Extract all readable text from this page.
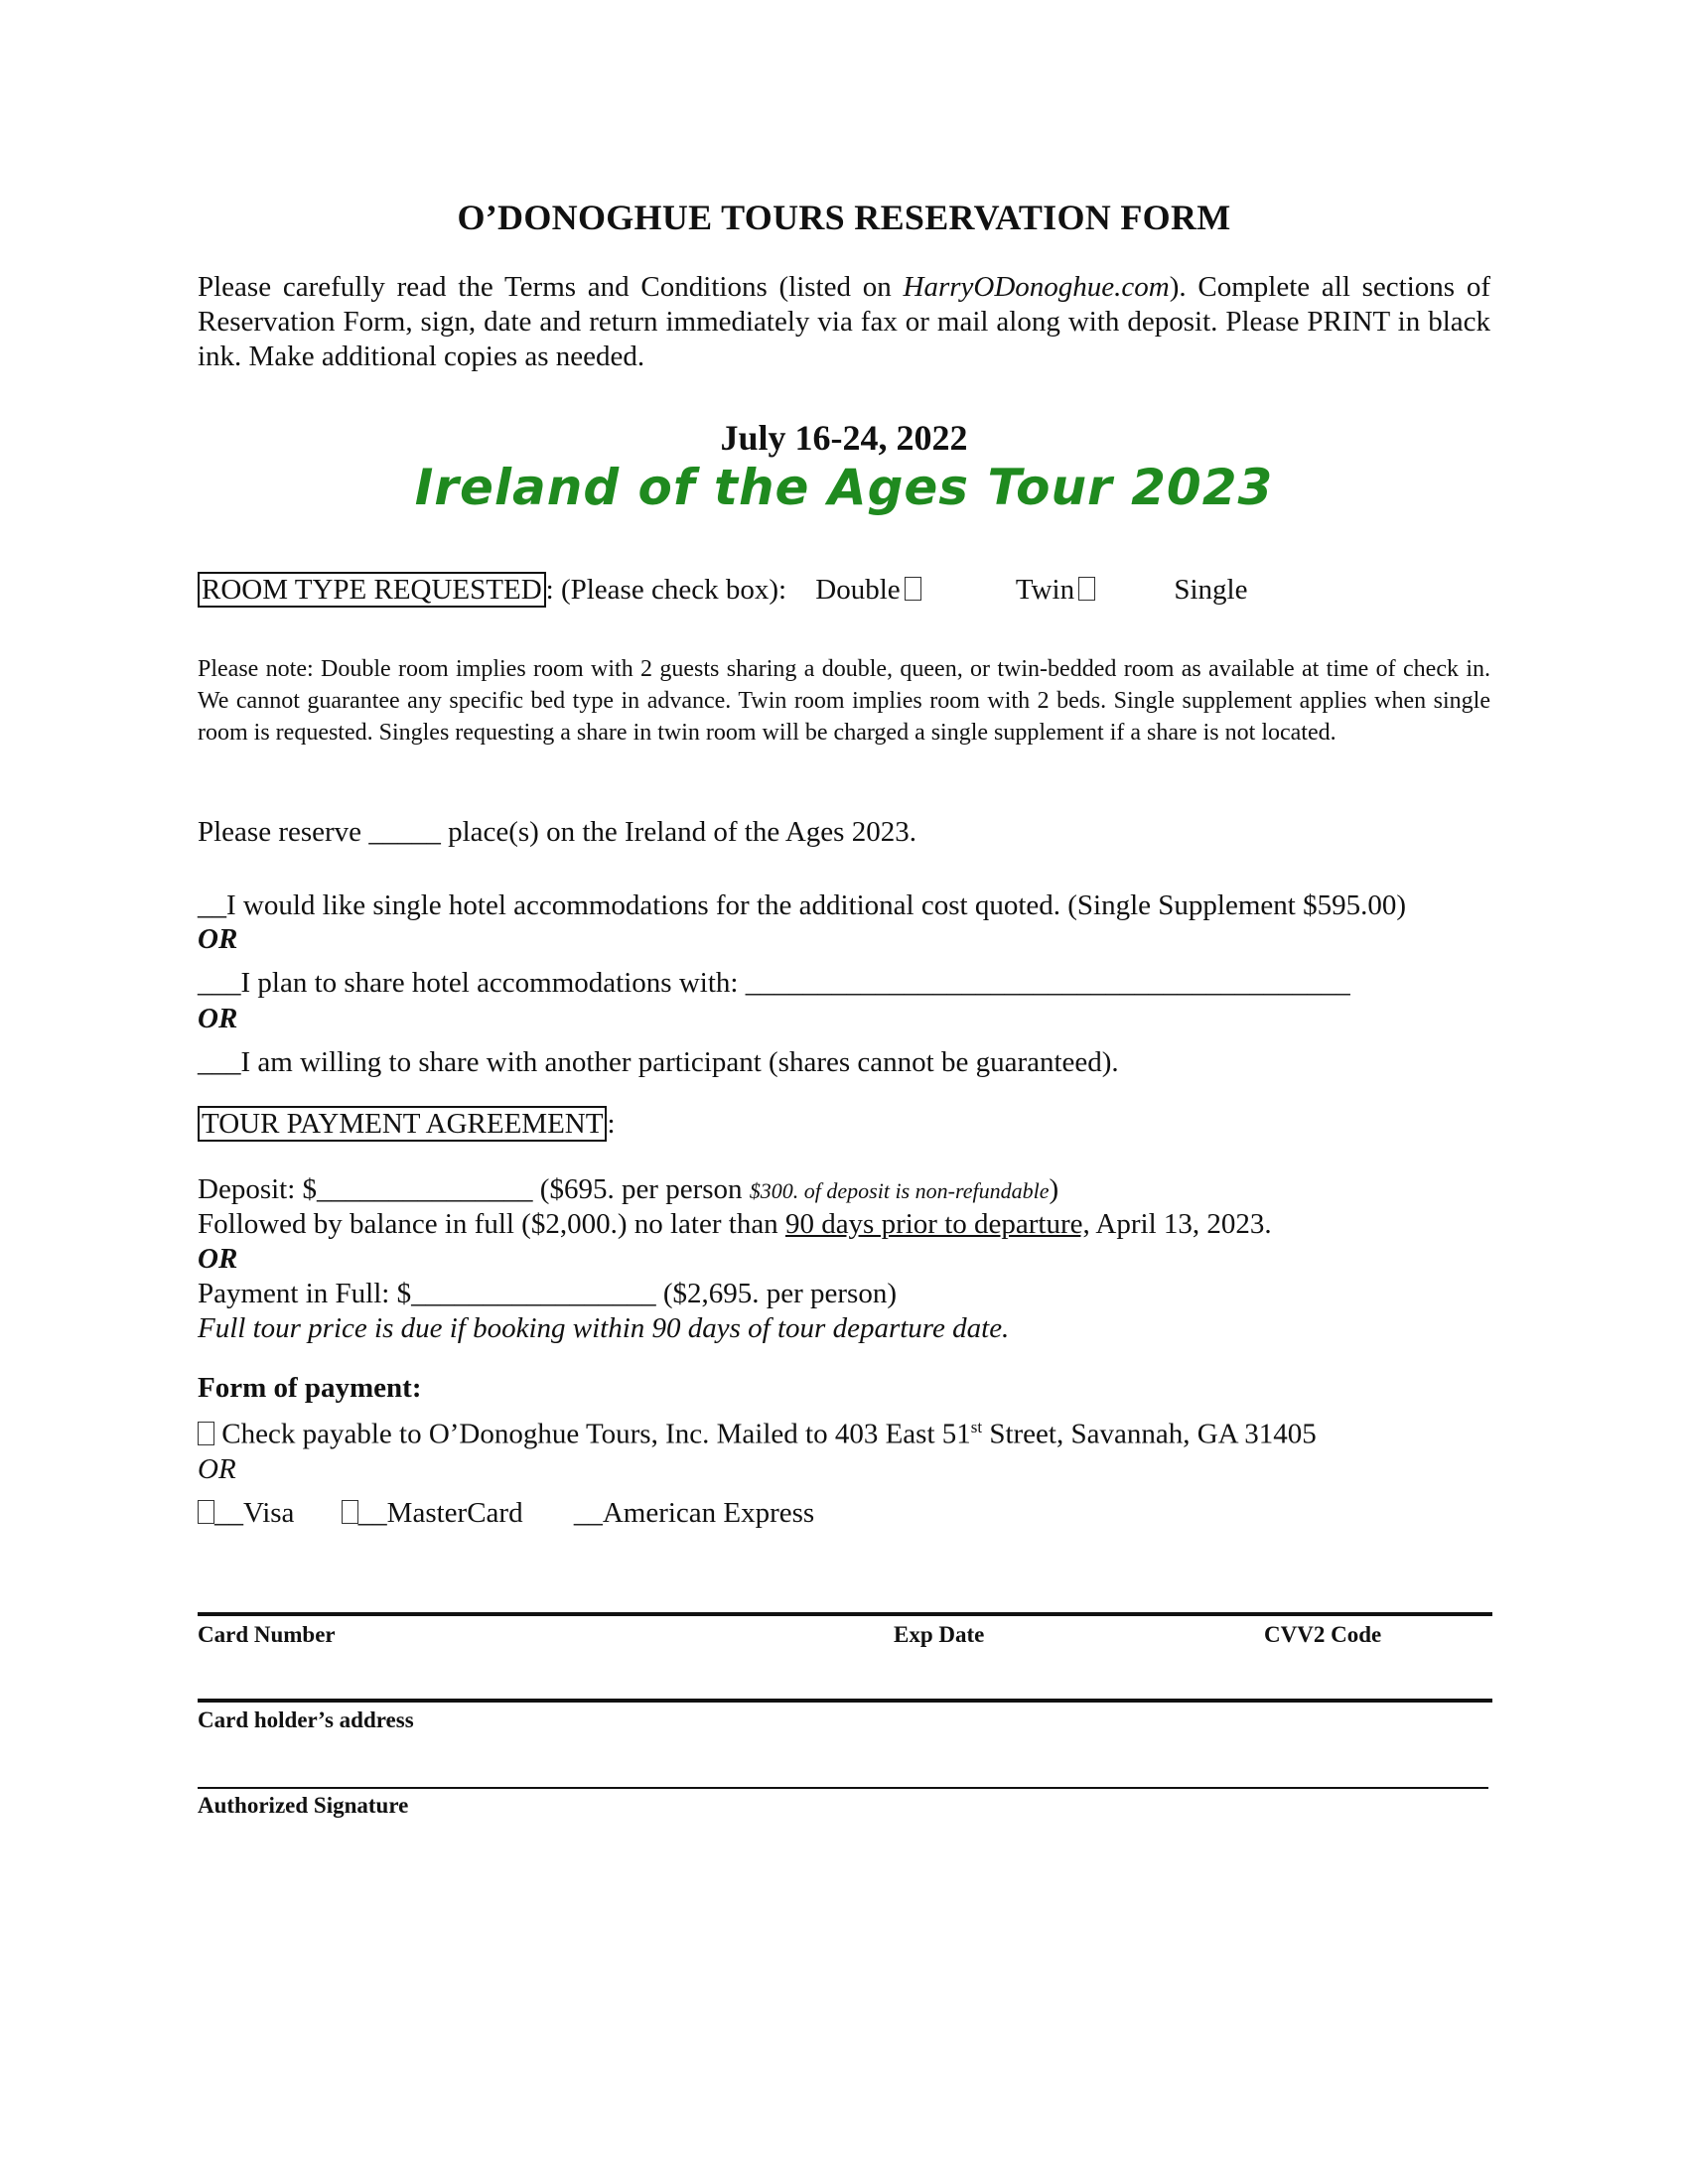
O’DONOGHUE TOURS RESERVATION FORM
Please carefully read the Terms and Conditions (listed on HarryODonoghue.com). Complete all sections of Reservation Form, sign, date and return immediately via fax or mail along with deposit. Please PRINT in black ink. Make additional copies as needed.
July 16-24, 2022
Ireland of the Ages Tour 2023
ROOM TYPE REQUESTED : (Please check box): Double	Twin	Single
Please note: Double room implies room with 2 guests sharing a double, queen, or twin-bedded room as available at time of check in. We cannot guarantee any specific bed type in advance. Twin room implies room with 2 beds. Single supplement applies when single room is requested. Singles requesting a share in twin room will be charged a single supplement if a share is not located.
Please reserve _____ place(s) on the Ireland of the Ages 2023.
__I would like single hotel accommodations for the additional cost quoted. (Single Supplement $595.00)
OR
___I plan to share hotel accommodations with: __________________________________________
OR
___I am willing to share with another participant (shares cannot be guaranteed).
TOUR PAYMENT AGREEMENT :
Deposit: $_______________ ($695. per person $300. of deposit is non-refundable)
Followed by balance in full ($2,000.) no later than 90 days prior to departure, April 13, 2023.
OR
Payment in Full: $_________________ ($2,695. per person)
Full tour price is due if booking within 90 days of tour departure date.
Form of payment:
Check payable to O’Donoghue Tours, Inc. Mailed to 403 East 51st Street, Savannah, GA 31405
OR
__Visa __MasterCard __American Express
Card Number	Exp Date	CVV2 Code
Card holder’s address
Authorized Signature
